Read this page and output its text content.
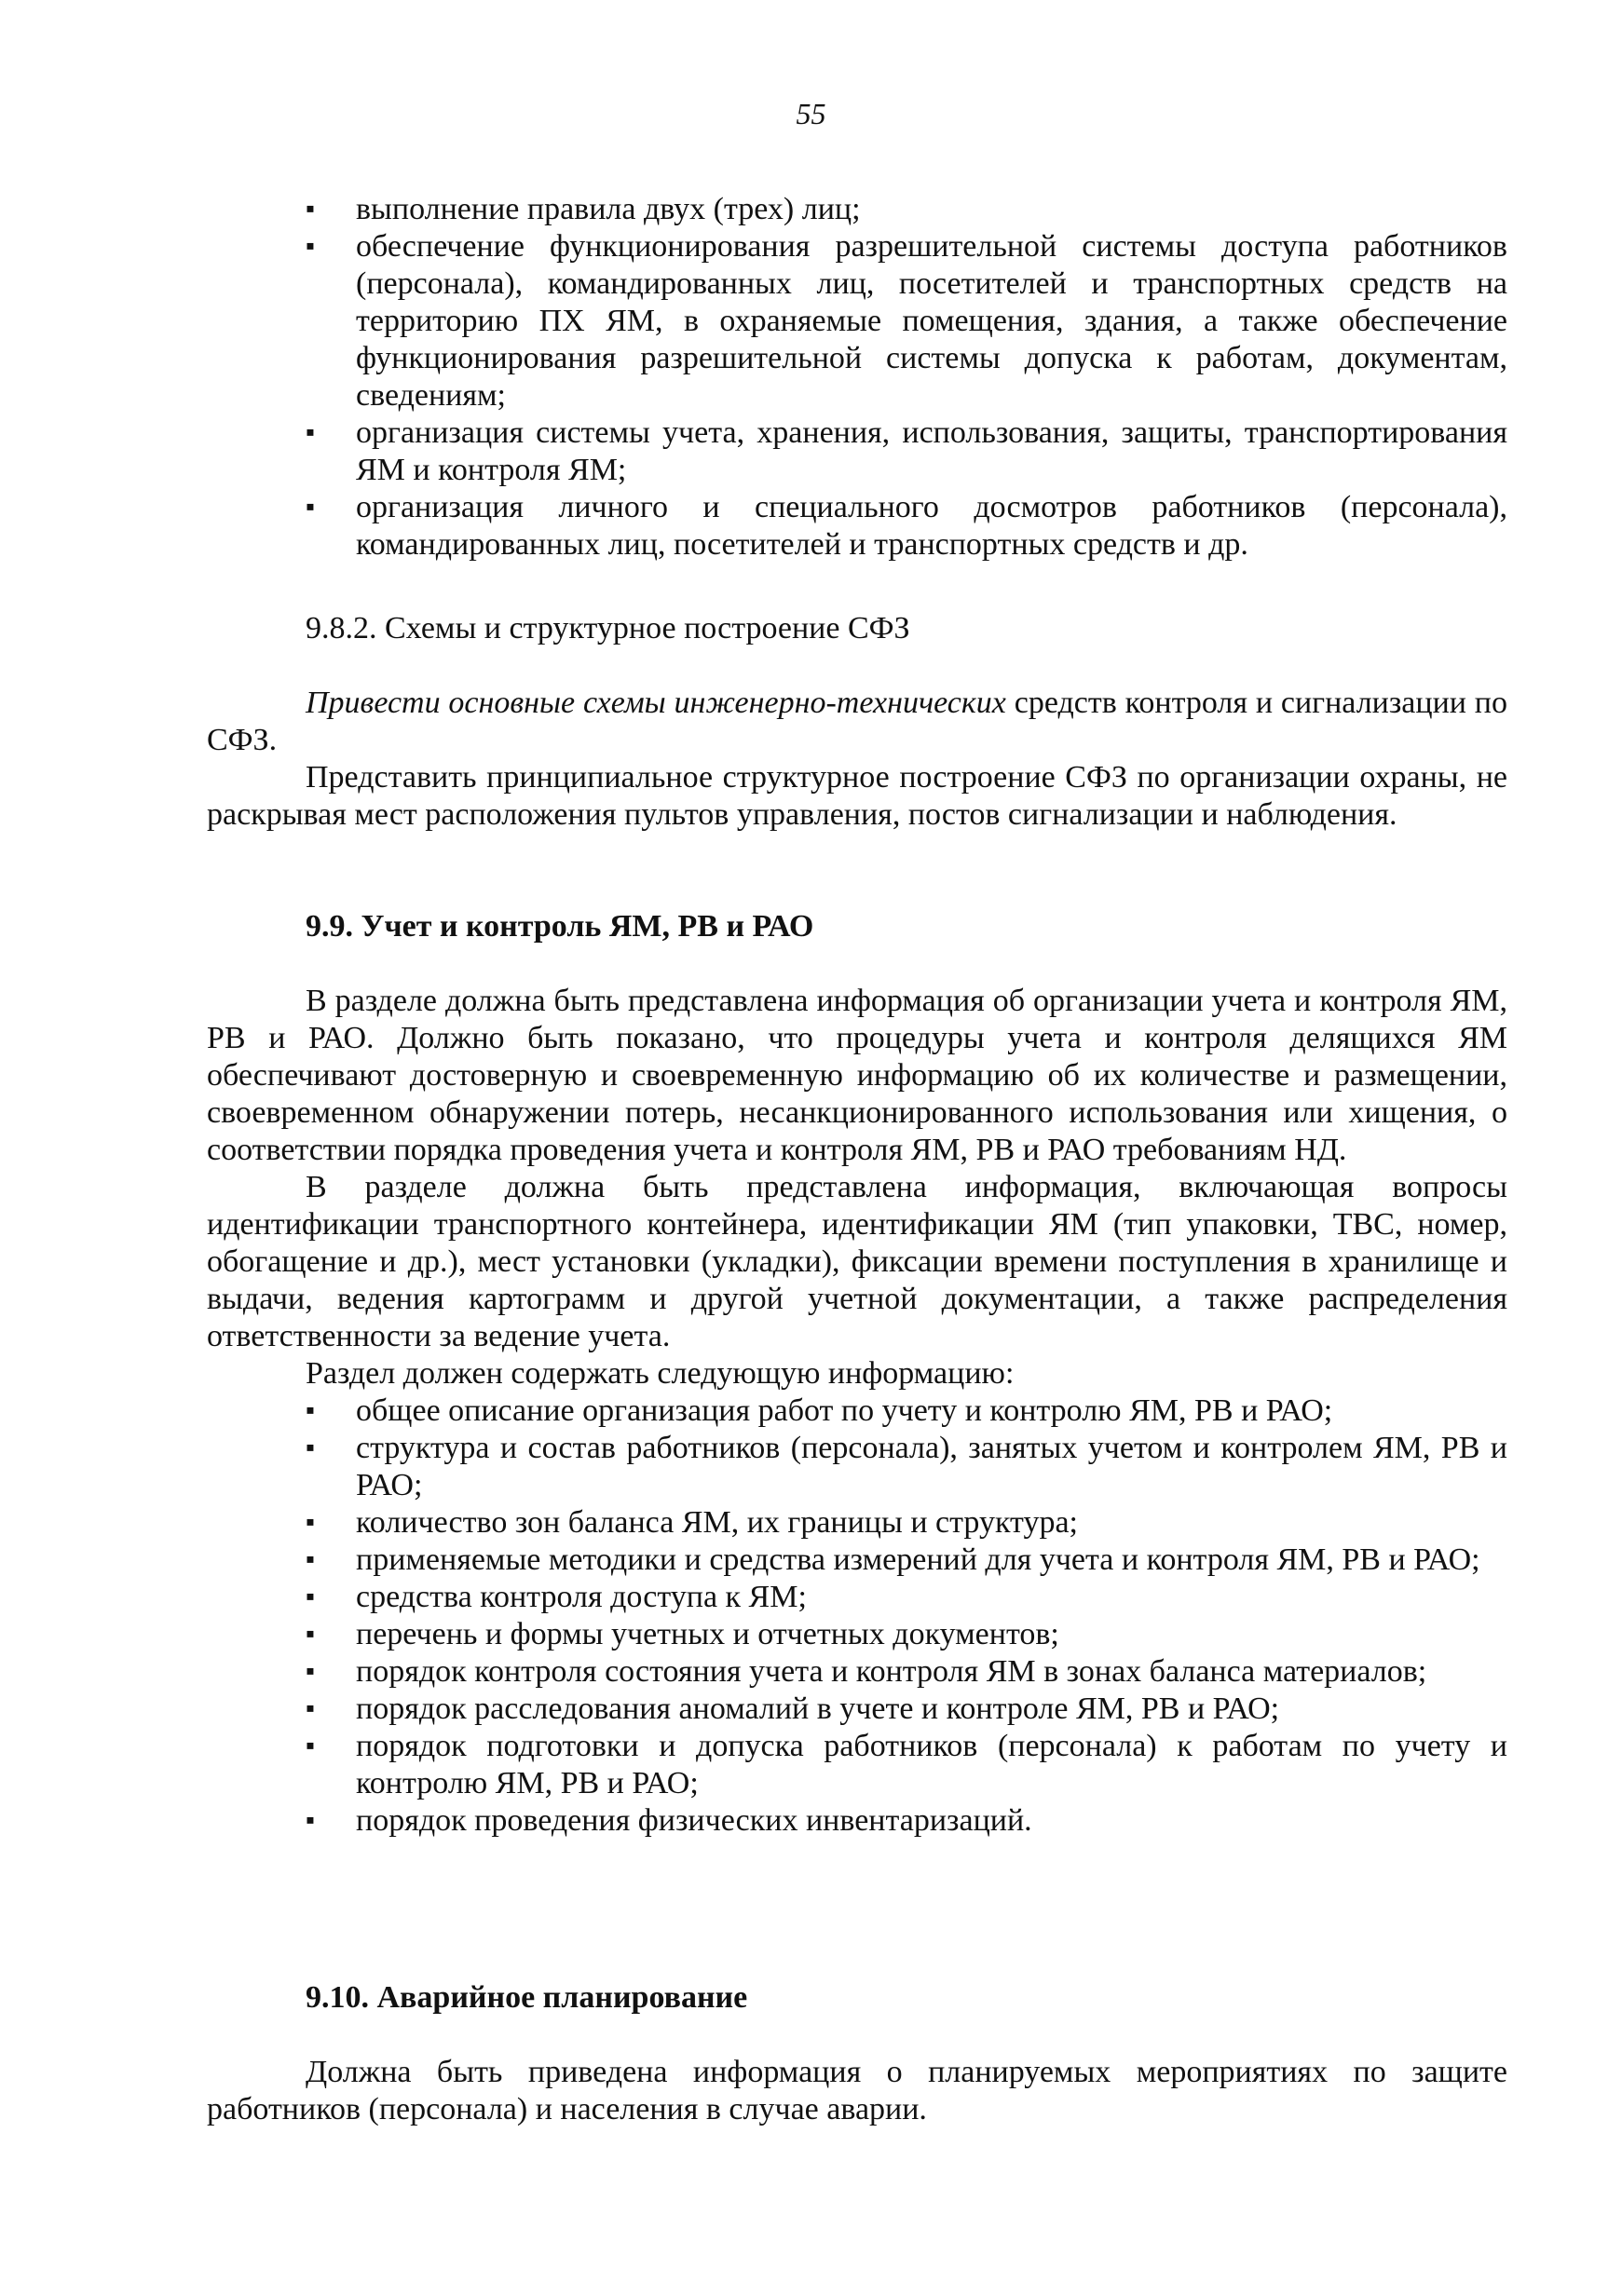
55
▪ выполнение правила двух (трех) лиц;
▪ обеспечение функционирования разрешительной системы доступа работников (персонала), командированных лиц, посетителей и транспортных средств на территорию ПХ ЯМ, в охраняемые помещения, здания, а также обеспечение функционирования разрешительной системы допуска к работам, документам, сведениям;
▪ организация системы учета, хранения, использования, защиты, транспортирования ЯМ и контроля ЯМ;
▪ организация личного и специального досмотров работников (персонала), командированных лиц, посетителей и транспортных средств и др.
9.8.2. Схемы и структурное построение СФЗ

Привести основные схемы инженерно-технических средств контроля и сигнализации по СФЗ.

Представить принципиальное структурное построение СФЗ по организации охраны, не раскрывая мест расположения пультов управления, постов сигнализации и наблюдения.

9.9. Учет и контроль ЯМ, РВ и РАО

В разделе должна быть представлена информация об организации учета и контроля ЯМ, РВ и РАО. Должно быть показано, что процедуры учета и контроля делящихся ЯМ обеспечивают достоверную и своевременную информацию об их количестве и размещении, своевременном обнаружении потерь, несанкционированного использования или хищения, о соответствии порядка проведения учета и контроля ЯМ, РВ и РАО требованиям НД.

В разделе должна быть представлена информация, включающая вопросы идентификации транспортного контейнера, идентификации ЯМ (тип упаковки, ТВС, номер, обогащение и др.), мест установки (укладки), фиксации времени поступления в хранилище и выдачи, ведения картограмм и другой учетной документации, а также распределения ответственности за ведение учета.

Раздел должен содержать следующую информацию:

▪ общее описание организация работ по учету и контролю ЯМ, РВ и РАО;
▪ структура и состав работников (персонала), занятых учетом и контролем ЯМ, РВ и РАО;
▪ количество зон баланса ЯМ, их границы и структура;
▪ применяемые методики и средства измерений для учета и контроля ЯМ, РВ и РАО;
▪ средства контроля доступа к ЯМ;
▪ перечень и формы учетных и отчетных документов;
▪ порядок контроля состояния учета и контроля ЯМ в зонах баланса материалов;
▪ порядок расследования аномалий в учете и контроле ЯМ, РВ и РАО;
▪ порядок подготовки и допуска работников (персонала) к работам по учету и контролю ЯМ, РВ и РАО;
▪ порядок проведения физических инвентаризаций.
9.10. Аварийное планирование

Должна быть приведена информация о планируемых мероприятиях по защите работников (персонала) и населения в случае аварии.
